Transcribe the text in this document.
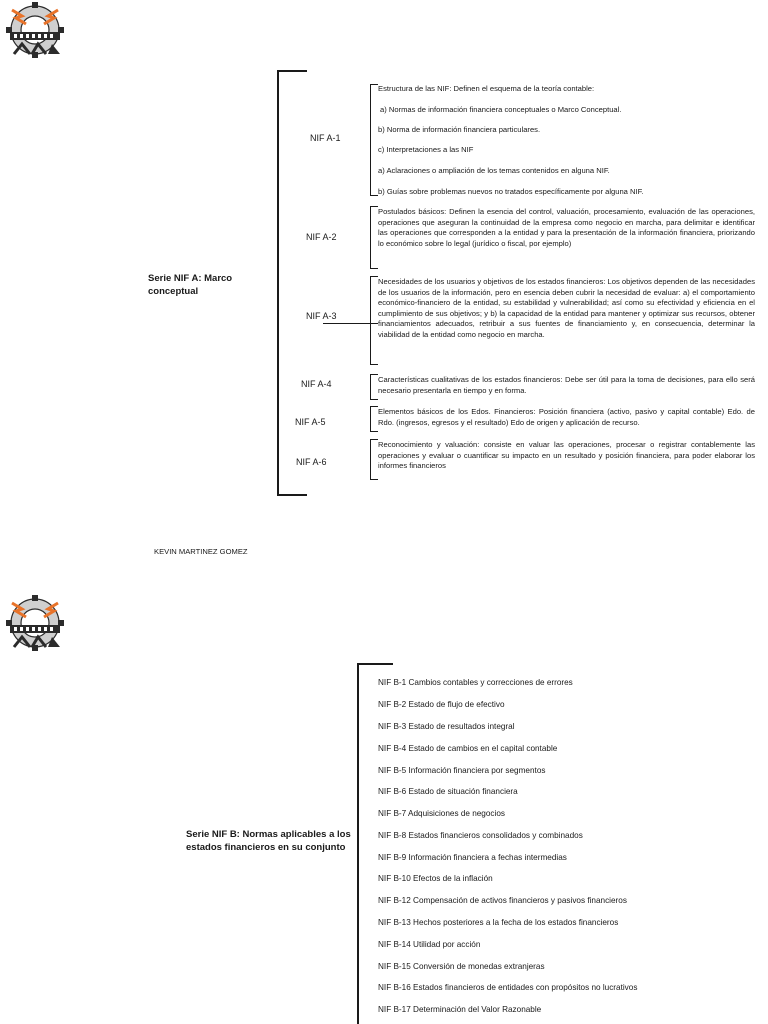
Serie NIF A: Marco conceptual
NIF A-1
NIF A-2
NIF A-3
NIF A-4
NIF A-5
NIF A-6
Estructura de las NIF: Definen el esquema de la teoría contable:
a) Normas de información financiera conceptuales o Marco Conceptual.
b) Norma de información financiera particulares.
c) Interpretaciones a las NIF
a) Aclaraciones o ampliación de los temas contenidos en alguna NIF.
b) Guías sobre problemas nuevos no tratados específicamente por alguna NIF.
Postulados básicos: Definen la esencia del control, valuación, procesamiento, evaluación de las operaciones, operaciones que aseguran la continuidad de la empresa como negocio en marcha, para delimitar e identificar las operaciones que corresponden a la entidad y para la presentación de la información financiera, priorizando lo económico sobre lo legal (jurídico o fiscal, por ejemplo)
Necesidades de los usuarios y objetivos de los estados financieros: Los objetivos dependen de las necesidades de los usuarios de la información, pero en esencia deben cubrir la necesidad de evaluar: a) el comportamiento económico-financiero de la entidad, su estabilidad y vulnerabilidad; así como su efectividad y eficiencia en el cumplimiento de sus objetivos; y b) la capacidad de la entidad para mantener y optimizar sus recursos, obtener financiamientos adecuados, retribuir a sus fuentes de financiamiento y, en consecuencia, determinar la viabilidad de la entidad como negocio en marcha.
Características cualitativas de los estados financieros: Debe ser útil para la toma de decisiones, para ello será necesario presentarla en tiempo y en forma.
Elementos básicos de los Edos. Financieros: Posición financiera (activo, pasivo y capital contable) Edo. de Rdo. (ingresos, egresos y el resultado) Edo de origen y aplicación de recurso.
Reconocimiento y valuación: consiste en valuar las operaciones, procesar o registrar contablemente las operaciones y evaluar o cuantificar su impacto en un resultado y posición financiera, para poder elaborar los informes financieros
KEVIN MARTINEZ GOMEZ
Serie NIF B: Normas aplicables a los estados financieros en su conjunto
NIF B-1 Cambios contables y correcciones de errores
NIF B-2 Estado de flujo de efectivo
NIF B-3 Estado de resultados integral
NIF B-4 Estado de cambios en el capital contable
NIF B-5 Información financiera por segmentos
NIF B-6 Estado de situación financiera
NIF B-7 Adquisiciones de negocios
NIF B-8 Estados financieros consolidados y combinados
NIF B-9 Información financiera a fechas intermedias
NIF B-10 Efectos de la inflación
NIF B-12 Compensación de activos financieros y pasivos financieros
NIF B-13 Hechos posteriores a la fecha de los estados financieros
NIF B-14 Utilidad por acción
NIF B-15 Conversión de monedas extranjeras
NIF B-16 Estados financieros de entidades con propósitos no lucrativos
NIF B-17 Determinación del Valor Razonable
